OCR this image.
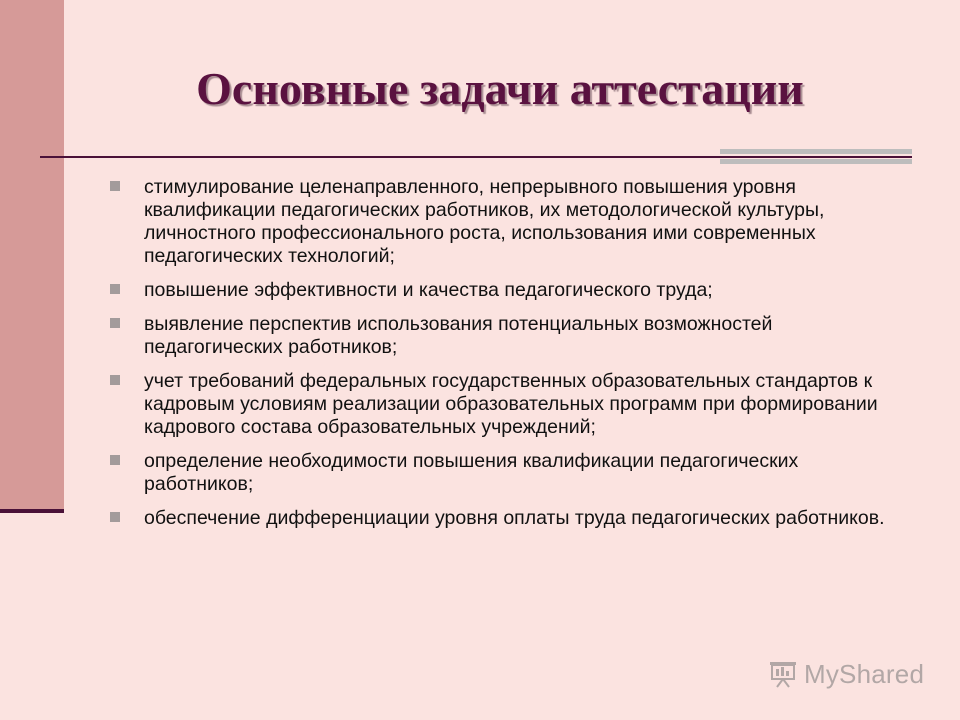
Основные задачи аттестации
стимулирование целенаправленного, непрерывного повышения уровня квалификации педагогических работников, их методологической культуры, личностного профессионального роста, использования ими современных педагогических технологий;
повышение эффективности и качества педагогического труда;
выявление перспектив использования потенциальных возможностей педагогических работников;
учет требований федеральных государственных образовательных стандартов к кадровым условиям реализации образовательных программ при формировании кадрового состава образовательных учреждений;
определение необходимости повышения квалификации педагогических работников;
обеспечение дифференциации уровня оплаты труда педагогических работников.
MyShared
